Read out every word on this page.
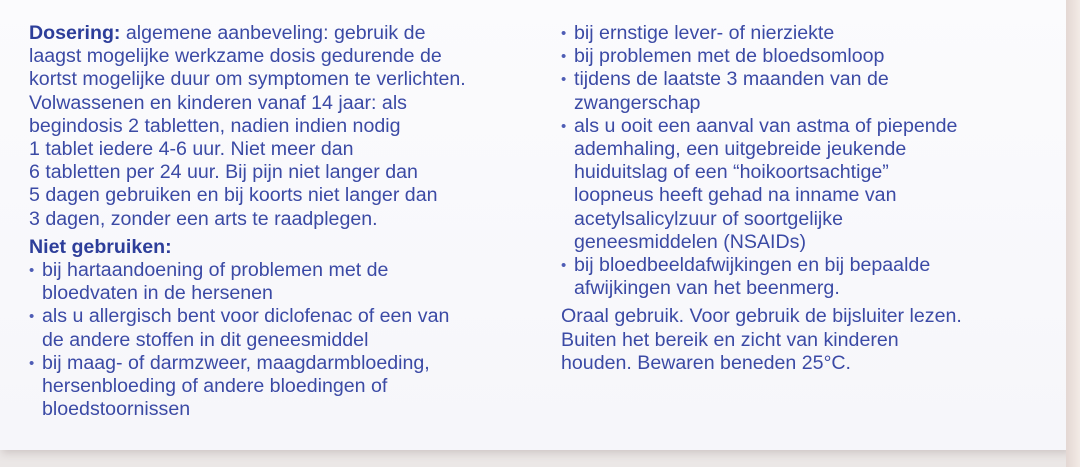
Dosering: algemene aanbeveling: gebruik de
laagst mogelijke werkzame dosis gedurende de
kortst mogelijke duur om symptomen te verlichten.

Volwassenen en kinderen vanaf 14 jaar: als
begindosis 2 tabletten, nadien indien nodig
1 tablet iedere 4-6 uur. Niet meer dan
6 tabletten per 24 uur. Bij pijn niet langer dan
5 dagen gebruiken en bij koorts niet langer dan
3 dagen, zonder een arts te raadplegen.

Niet gebruiken:

• bij hartaandoening of problemen met de
bloedvaten in de hersenen
• als u allergisch bent voor diclofenac of een van
de andere stoffen in dit geneesmiddel
• bij maag- of darmzweer, maagdarmbloeding,
hersenbloeding of andere bloedingen of
bloedstoornissen
• bij ernstige lever- of nierziekte
• bij problemen met de bloedsomloop
• tijdens de laatste 3 maanden van de
zwangerschap
• als u ooit een aanval van astma of piepende
ademhaling, een uitgebreide jeukende
huiduitslag of een “hoikoortsachtige”
loopneus heeft gehad na inname van
acetylsalicylzuur of soortgelijke
geneesmiddelen (NSAIDs)
• bij bloedbeeldafwijkingen en bij bepaalde
afwijkingen van het beenmerg.

Oraal gebruik. Voor gebruik de bijsluiter lezen.
Buiten het bereik en zicht van kinderen
houden. Bewaren beneden 25°C.
